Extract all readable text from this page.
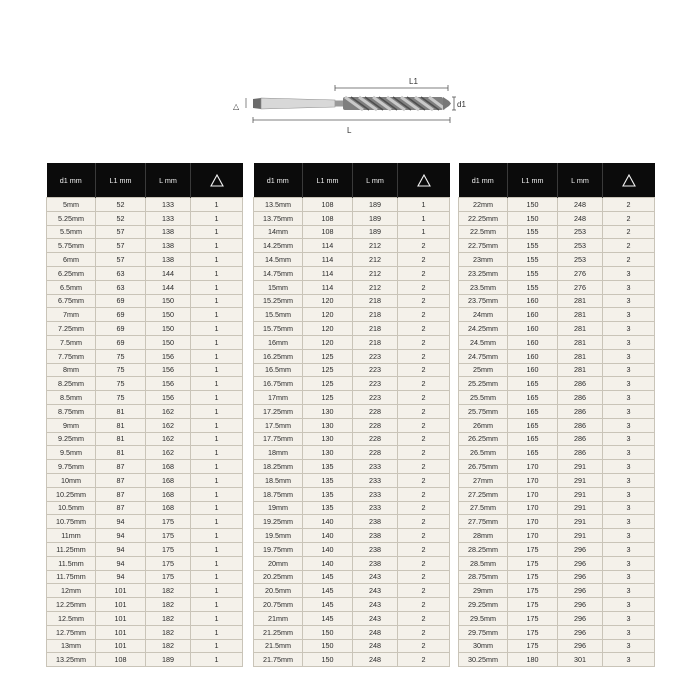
L1
△	d1
L
d1 mm	L1 mm	L mm	
5mm	52	133	1
5.25mm	52	133	1
5.5mm	57	138	1
5.75mm	57	138	1
6mm	57	138	1
6.25mm	63	144	1
6.5mm	63	144	1
6.75mm	69	150	1
7mm	69	150	1
7.25mm	69	150	1
7.5mm	69	150	1
7.75mm	75	156	1
8mm	75	156	1
8.25mm	75	156	1
8.5mm	75	156	1
8.75mm	81	162	1
9mm	81	162	1
9.25mm	81	162	1
9.5mm	81	162	1
9.75mm	87	168	1
10mm	87	168	1
10.25mm	87	168	1
10.5mm	87	168	1
10.75mm	94	175	1
11mm	94	175	1
11.25mm	94	175	1
11.5mm	94	175	1
11.75mm	94	175	1
12mm	101	182	1
12.25mm	101	182	1
12.5mm	101	182	1
12.75mm	101	182	1
13mm	101	182	1
13.25mm	108	189	1
d1 mm	L1 mm	L mm	
13.5mm	108	189	1
13.75mm	108	189	1
14mm	108	189	1
14.25mm	114	212	2
14.5mm	114	212	2
14.75mm	114	212	2
15mm	114	212	2
15.25mm	120	218	2
15.5mm	120	218	2
15.75mm	120	218	2
16mm	120	218	2
16.25mm	125	223	2
16.5mm	125	223	2
16.75mm	125	223	2
17mm	125	223	2
17.25mm	130	228	2
17.5mm	130	228	2
17.75mm	130	228	2
18mm	130	228	2
18.25mm	135	233	2
18.5mm	135	233	2
18.75mm	135	233	2
19mm	135	233	2
19.25mm	140	238	2
19.5mm	140	238	2
19.75mm	140	238	2
20mm	140	238	2
20.25mm	145	243	2
20.5mm	145	243	2
20.75mm	145	243	2
21mm	145	243	2
21.25mm	150	248	2
21.5mm	150	248	2
21.75mm	150	248	2
d1 mm	L1 mm	L mm	
22mm	150	248	2
22.25mm	150	248	2
22.5mm	155	253	2
22.75mm	155	253	2
23mm	155	253	2
23.25mm	155	276	3
23.5mm	155	276	3
23.75mm	160	281	3
24mm	160	281	3
24.25mm	160	281	3
24.5mm	160	281	3
24.75mm	160	281	3
25mm	160	281	3
25.25mm	165	286	3
25.5mm	165	286	3
25.75mm	165	286	3
26mm	165	286	3
26.25mm	165	286	3
26.5mm	165	286	3
26.75mm	170	291	3
27mm	170	291	3
27.25mm	170	291	3
27.5mm	170	291	3
27.75mm	170	291	3
28mm	170	291	3
28.25mm	175	296	3
28.5mm	175	296	3
28.75mm	175	296	3
29mm	175	296	3
29.25mm	175	296	3
29.5mm	175	296	3
29.75mm	175	296	3
30mm	175	296	3
30.25mm	180	301	3
